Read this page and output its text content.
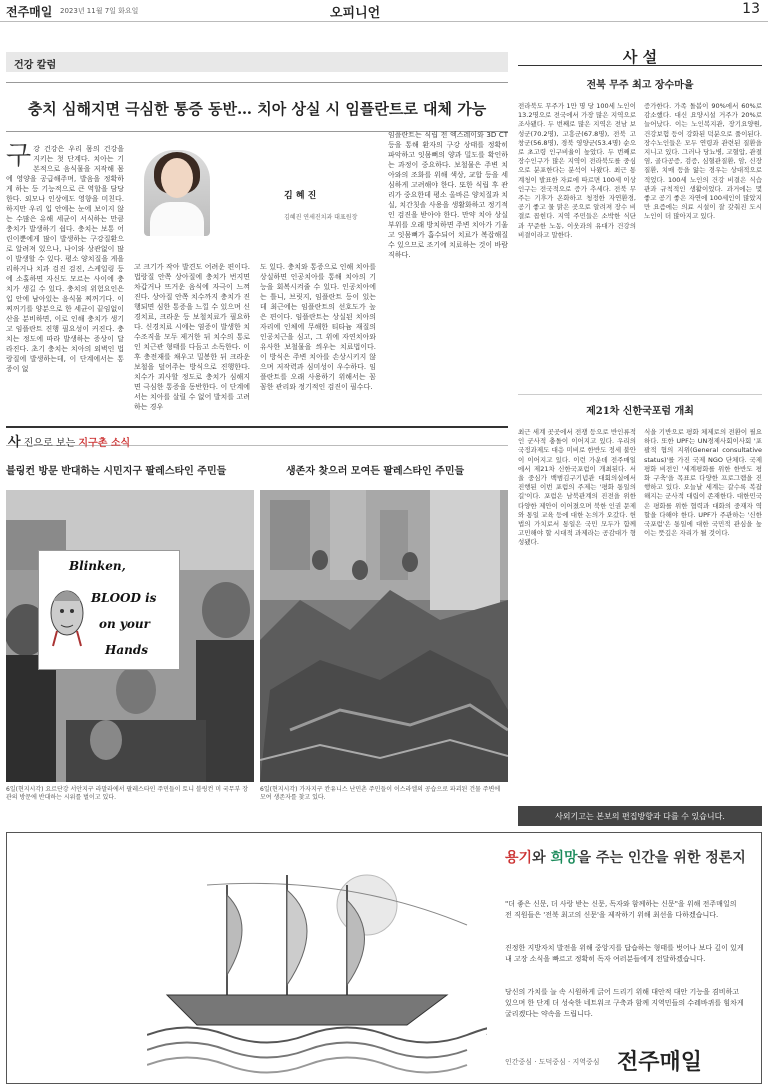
전주매일 2023년 11월 7일 화요일	오피니언	13
건강 칼럼
충치 심해지면 극심한 통증 동반… 치아 상실 시 임플란트로 대체 가능
구 강 건강은 우리 몸의 건강을 지키는 첫 단계다. 치아는 기본적으로 음식물을 저작해 몸에 영양을 공급해주며, 발음을 정확하게 하는 등 기능적으로 큰 역할을 담당한다. 외모나 인상에도 영향을 미친다. 하지만 우리 입 안에는 눈에 보이지 않는 수많은 유해 세균이 서식하는 만큼 충치가 발생하기 쉽다. 충치는 보통 어린이뿐에게 많이 발생하는 구강질환으로 알려져 있으나, 나이와 상관없이 많이 발생할 수 있다. 평소 양치질을 게을리하거나 치과 검진 검진, 스케일링 등에 소홀하면 자신도 모르는 사이에 충치가 생길 수 있다. 충치의 위험요인은 입 안에 남아있는 음식물 찌꺼기다. 이 찌꺼기를 양분으로 한 세균이 끝임없이 산을 분비하면, 이로 인해 충치가 생기고 임플란트 진행 필요성이 커진다. 충치는 정도에 따라 발생하는 증상이 달라진다. 초기 충치는 치아의 외벽인 법랑질에 발생하는데, 이 단계에서는 통증이 없
김 혜 진
김혜진 연세진치과 대표원장
고 크기가 작아 발견도 어려운 편이다. 법랑질 안쪽 상아질에 충치가 번지면 차갑거나 뜨거운 음식에 자극이 느껴진다. 상아질 안쪽 치수까지 충치가 진행되면 심한 통증을 느낄 수 있으며 신경치료, 크라운 등 보철치료가 필요하다. 신경치료 시에는 염증이 발생한 치수조직을 모두 제거한 뒤 치수의 통로인 치근관 형태를 다듬고 소독한다. 이후 충전재를 채우고 밀봉한 뒤 크라운 보철을 덮어주는 방식으로 진행한다. 치수가 괴사할 정도로 충치가 심해지면 극심한 통증을 동반한다. 이 단계에서는 치아를 살릴 수 없어 발치를 고려하는 경우
도 있다. 충치와 통증으로 인해 치아를 상실하면 인공치아를 통해 치아의 기능을 회복시켜줄 수 있다. 인공치아에는 틀니, 브릿지, 임플란트 등이 있는데 최근에는 임플란트의 선호도가 높은 편이다. 임플란트는 상실된 치아의 자리에 인체에 무해한 티타늄 재질의 인공치근을 심고, 그 위에 자연치아와 유사한 보철물을 씌우는 치료법이다. 이 방식은 주변 치아를 손상시키지 않으며 저작력과 심미성이 우수하다. 임플란트를 오래 사용하기 위해서는 꼼꼼한 관리와 정기적인 검진이 필수다.
임플란트는 식립 전 엑스레이와 3D CT 등을 통해 환자의 구강 상태를 정확히 파악하고 잇몸뼈의 양과 밀도를 확인하는 과정이 중요하다. 보철물은 주변 치아와의 조화를 위해 색상, 교합 등을 세심하게 고려해야 한다. 또한 식립 후 관리가 중요한데 평소 올바른 양치질과 치실, 치간칫솔 사용을 생활화하고 정기적인 검진을 받아야 한다. 만약 치아 상실 부위를 오래 방치하면 주변 치아가 기울고 잇몸뼈가 흡수되어 치료가 복잡해질 수 있으므로 조기에 치료하는 것이 바람직하다.
사 진으로 보는 지구촌 소식
블링컨 방문 반대하는 시민지구 팔레스타인 주민들	생존자 찾으러 모여든 팔레스타인 주민들
Blinken,
BLOOD is
on your
Hands
6일(현지시각) 요르단강 서안지구 라말라에서 팔레스타인 주민들이 토니 블링컨 미 국무부 장관의 방문에 반대하는 시위를 벌이고 있다.
6일(현지시각) 가자지구 칸유니스 난민촌 주민들이 이스라엘의 공습으로 파괴된 건물 주변에 모여 생존자를 찾고 있다.
사 설
전북 무주 최고 장수마을
전라북도 무주가 1만 명 당 100세 노인이 13.2명으로 전국에서 가장 많은 지역으로 조사됐다. 두 번째로 많은 지역은 전남 보성군(70.2명), 고흥군(67.8명), 전북 고창군(56.8명), 경북 영양군(53.4명) 순으로 초고령 인구비율이 높았다. 두 번째로 장수인구가 많은 지역이 전라북도를 중심으로 분포한다는 분석이 나왔다. 최근 통계청이 발표한 자료에 따르면 100세 이상 인구는 전국적으로 증가 추세다. 전북 무주는 기후가 온화하고 청정한 자연환경, 공기 좋고 물 맑은 곳으로 알려져 장수 비결로 꼽힌다. 지역 주민들은 소박한 식단과 꾸준한 노동, 이웃과의 유대가 건강의 비결이라고 말한다.
증가한다. 가족 돌봄이 90%에서 60%로 감소했다. 대신 요양시설 거주가 20%로 늘어났다. 이는 노인복지관, 장기요양원, 건강보험 등이 강화된 덕분으로 풀이된다. 장수노인들은 모두 연령과 관련된 질환을 지니고 있다. 그러나 당뇨병, 고혈압, 관절염, 골다공증, 검증, 심혈관질환, 암, 신장질환, 치매 등을 앓는 경우는 상대적으로 적었다. 100세 노인의 건강 비결은 식습관과 규칙적인 생활이었다. 과거에는 몇 좋고 공기 좋은 자연에 100세인이 많았지만 요즘에는 의료 시설이 잘 갖춰진 도시 노인이 더 많아지고 있다.
제21차 신한국포럼 개최
최근 세계 곳곳에서 전쟁 등으로 반인류적인 군사적 충돌이 이어지고 있다. 우리의 국정과제도 대응 미비로 한반도 정세 불안이 이어지고 있다. 이런 가운데 전주매일에서 제21차 신한국포럼이 개최된다. 서울 중심가 백범김구기념관 대회의실에서 진행된 이번 포럼의 주제는 '평화 통일의 길'이다. 포럼은 남북관계의 진전을 위한 다양한 제안이 이어졌으며 북한 인권 문제와 통일 교육 등에 대한 논의가 오갔다. 헌법의 가치로서 통일은 국민 모두가 함께 고민해야 할 시대적 과제라는 공감대가 형성됐다.
식을 기반으로 평화 체제로의 전환이 필요하다. 또한 UPF는 UN경제사회이사회 '포괄적 협의 지위(General consultative status)'를 가진 국제 NGO 단체다. 국제평화 비전인 '세계평화를 위한 한반도 평화 구축'을 목표로 다양한 프로그램을 진행하고 있다. 오늘날 세계는 갈수록 복잡해지는 군사적 대립이 존재한다. 대한민국은 평화를 위한 협력과 대화의 중재자 역할을 다해야 한다. UPF가 주관하는 '신한국포럼'은 통일에 대한 국민적 관심을 높이는 뜻깊은 자리가 될 것이다.
사외기고는 본보의 편집방향과 다를 수 있습니다.
용기와 희망을 주는 인간을 위한 정론지
"더 좋은 신문, 더 사랑 받는 신문, 독자와 함께하는 신문"을 위해 전주매일의 전 직원들은 '전북 최고의 신문'을 제작하기 위해 최선을 다하겠습니다.
진정한 지방자치 발전을 위해 중앙지를 답습하는 형태를 벗어나 보다 깊이 있게 내 고장 소식을 빠르고 정확히 독자 여러분들에게 전달하겠습니다.
당신의 가치를 늘 속 시원하게 긁어 드리기 위해 대안적 대안 기능을 겸비하고 있으며 한 단계 더 성숙한 네트워크 구축과 함께 지역민들의 수레바퀴를 힘차게 굴리겠다는 약속을 드립니다.
인간중심 · 도덕중심 · 지역중심 전주매일
